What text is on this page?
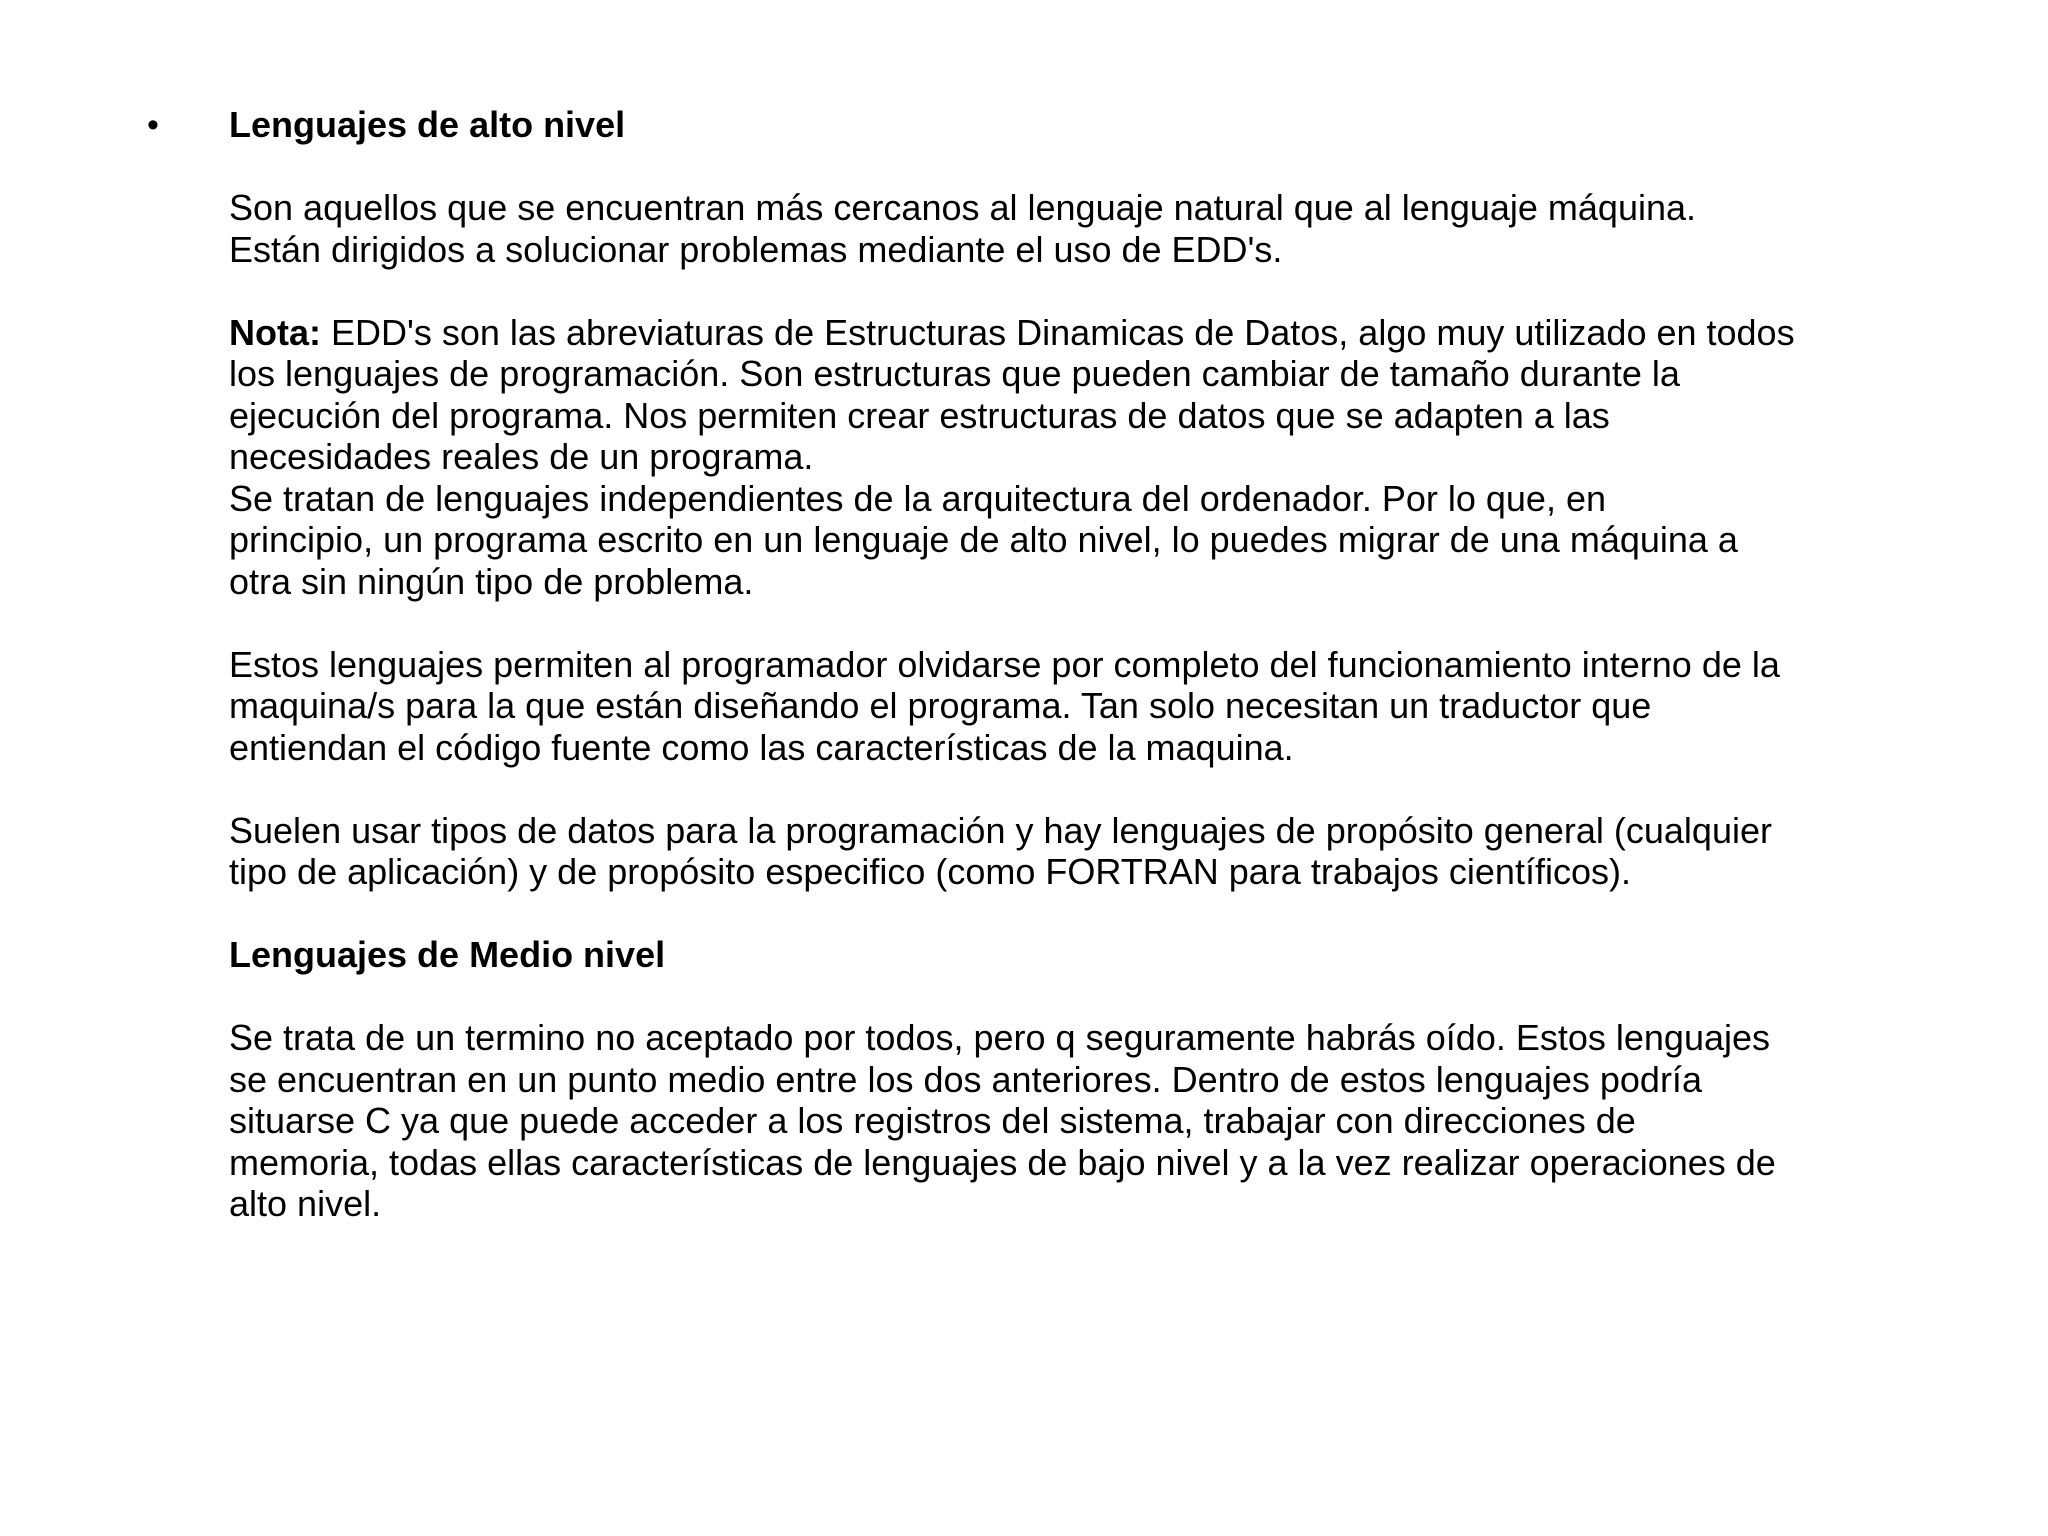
• Lenguajes de alto nivel

Son aquellos que se encuentran más cercanos al lenguaje natural que al lenguaje máquina.

Están dirigidos a solucionar problemas mediante el uso de EDD's.

Nota: EDD's son las abreviaturas de Estructuras Dinamicas de Datos, algo muy utilizado en todos

los lenguajes de programación. Son estructuras que pueden cambiar de tamaño durante la

ejecución del programa. Nos permiten crear estructuras de datos que se adapten a las

necesidades reales de un programa.

Se tratan de lenguajes independientes de la arquitectura del ordenador. Por lo que, en

principio, un programa escrito en un lenguaje de alto nivel, lo puedes migrar de una máquina a

otra sin ningún tipo de problema.

Estos lenguajes permiten al programador olvidarse por completo del funcionamiento interno de la

maquina/s para la que están diseñando el programa. Tan solo necesitan un traductor que

entiendan el código fuente como las características de la maquina.

Suelen usar tipos de datos para la programación y hay lenguajes de propósito general (cualquier

tipo de aplicación) y de propósito especifico (como FORTRAN para trabajos científicos).

Lenguajes de Medio nivel

Se trata de un termino no aceptado por todos, pero q seguramente habrás oído. Estos lenguajes

se encuentran en un punto medio entre los dos anteriores. Dentro de estos lenguajes podría

situarse C ya que puede acceder a los registros del sistema, trabajar con direcciones de

memoria, todas ellas características de lenguajes de bajo nivel y a la vez realizar operaciones de

alto nivel.
